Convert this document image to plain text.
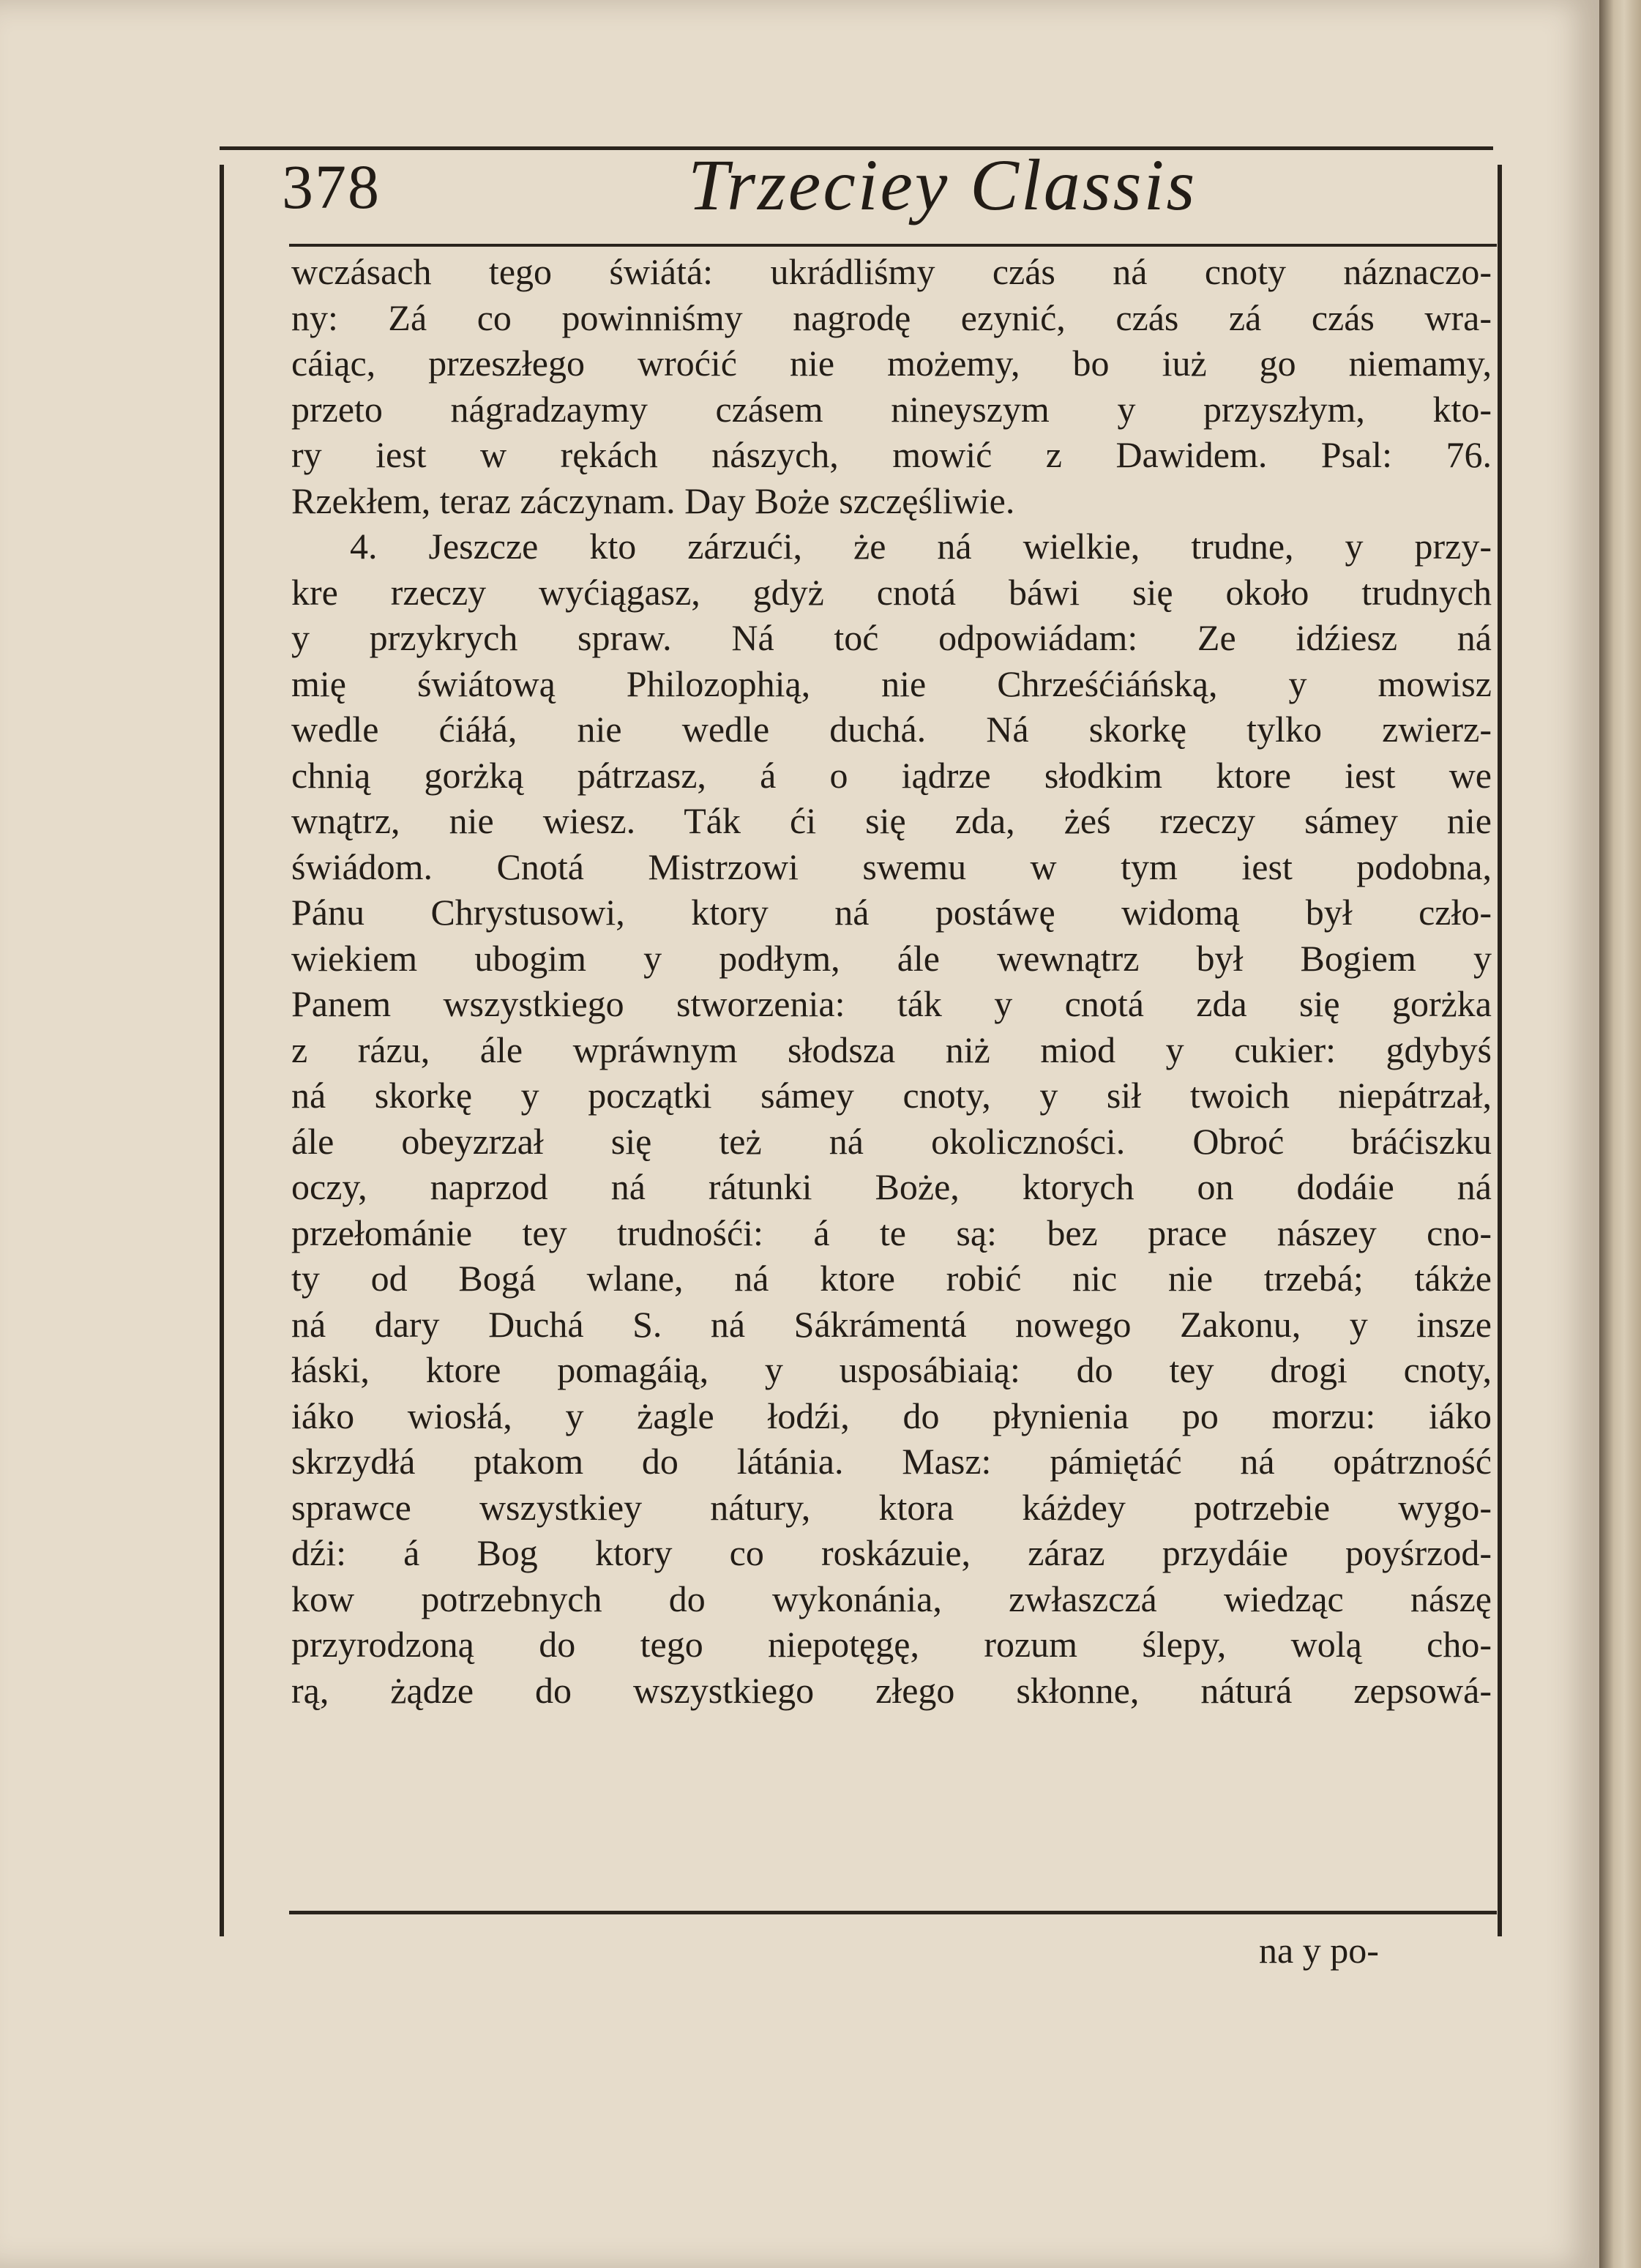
378	Trzeciey Classis
wczásach tego świátá: ukrádliśmy czás ná cnoty náznaczo-
ny: Zá co powinniśmy nagrodę ezynić, czás zá czás wra-
cáiąc, przeszłego wroćić nie możemy, bo iuż go niemamy,
przeto nágradzaymy czásem nineyszym y przyszłym, kto-
ry iest w rękách nászych, mowić z Dawidem. Psal: 76.
Rzekłem, teraz záczynam. Day Boże szczęśliwie.
4. Jeszcze kto zárzući, że ná wielkie, trudne, y przy-
kre rzeczy wyćiągasz, gdyż cnotá báwi się około trudnych
y przykrych spraw. Ná toć odpowiádam: Ze idźiesz ná
mię świátową Philozophią, nie Chrześćiáńską, y mowisz
wedle ćiáłá, nie wedle duchá. Ná skorkę tylko zwierz-
chnią gorżką pátrzasz, á o iądrze słodkim ktore iest we
wnątrz, nie wiesz. Ták ći się zda, żeś rzeczy sámey nie
świádom. Cnotá Mistrzowi swemu w tym iest podobna,
Pánu Chrystusowi, ktory ná postáwę widomą był czło-
wiekiem ubogim y podłym, ále wewnątrz był Bogiem y
Panem wszystkiego stworzenia: ták y cnotá zda się gorżka
z rázu, ále wpráwnym słodsza niż miod y cukier: gdybyś
ná skorkę y początki sámey cnoty, y sił twoich niepátrzał,
ále obeyzrzał się też ná okoliczności. Obroć bráćiszku
oczy, naprzod ná rátunki Boże, ktorych on dodáie ná
przełománie tey trudnośći: á te są: bez prace nászey cno-
ty od Bogá wlane, ná ktore robić nic nie trzebá; tákże
ná dary Duchá S. ná Sákrámentá nowego Zakonu, y insze
łáski, ktore pomagáią, y usposábiaią: do tey drogi cnoty,
iáko wiosłá, y żagle łodźi, do płynienia po morzu: iáko
skrzydłá ptakom do látánia. Masz: pámiętáć ná opátrzność
sprawce wszystkiey nátury, ktora káżdey potrzebie wygo-
dźi: á Bog ktory co roskázuie, záraz przydáie poyśrzod-
kow potrzebnych do wykonánia, zwłaszczá wiedząc nászę
przyrodzoną do tego niepotęgę, rozum ślepy, wolą cho-
rą, żądze do wszystkiego złego skłonne, náturá zepsowá-
na y po-
